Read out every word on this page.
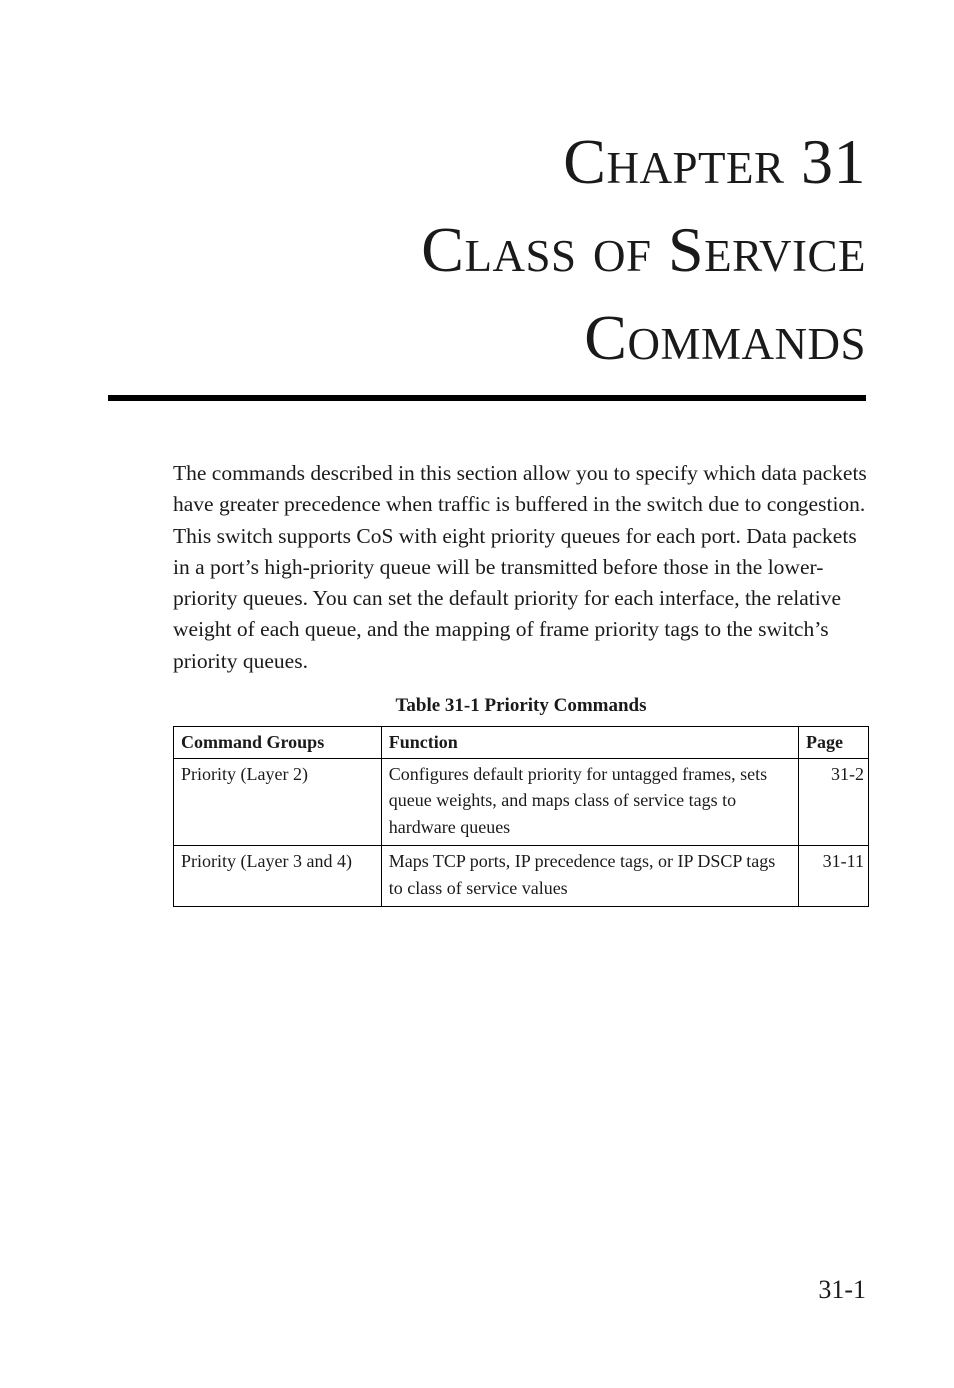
Chapter 31
Class of Service
Commands

The commands described in this section allow you to specify which data packets have greater precedence when traffic is buffered in the switch due to congestion. This switch supports CoS with eight priority queues for each port. Data packets in a port’s high-priority queue will be transmitted before those in the lower-priority queues. You can set the default priority for each interface, the relative weight of each queue, and the mapping of frame priority tags to the switch’s priority queues.

Table 31-1 Priority Commands
Command Groups	Function	Page
Priority (Layer 2)	Configures default priority for untagged frames, sets queue weights, and maps class of service tags to hardware queues	31-2
Priority (Layer 3 and 4)	Maps TCP ports, IP precedence tags, or IP DSCP tags to class of service values	31-11
31-1
